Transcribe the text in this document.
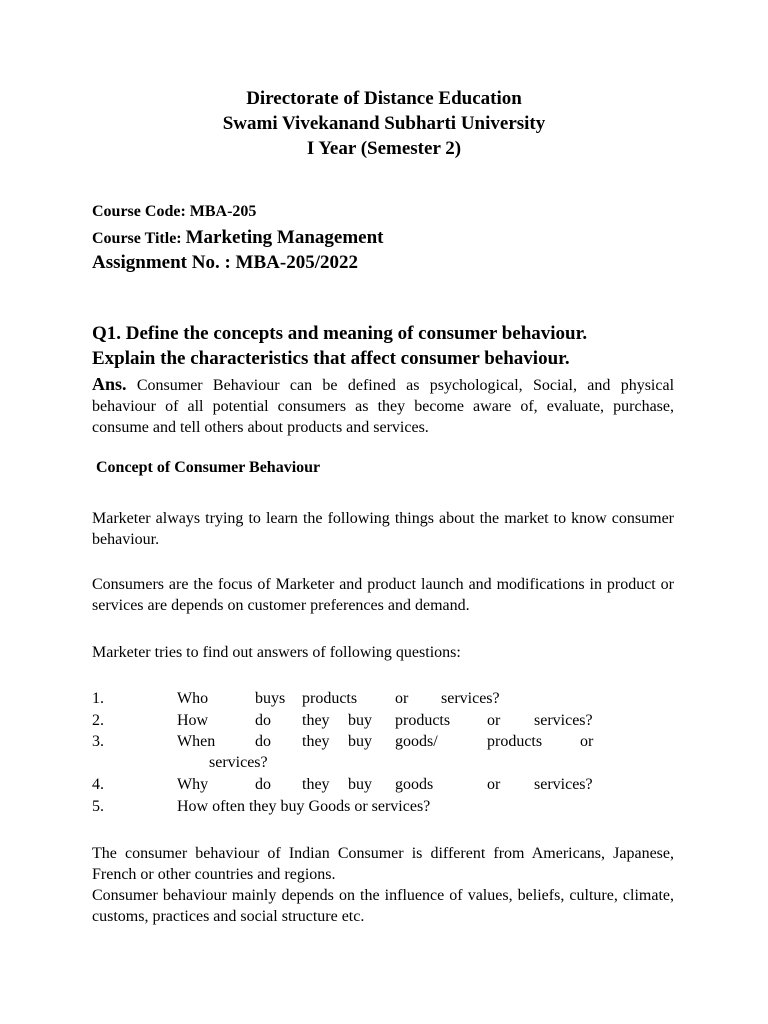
Directorate of Distance Education
Swami Vivekanand Subharti University
I Year (Semester 2)
Course Code: MBA-205
Course Title: Marketing Management
Assignment No. : MBA-205/2022
Q1. Define the concepts and meaning of consumer behaviour.
Explain the characteristics that affect consumer behaviour.
Ans. Consumer Behaviour can be defined as psychological, Social, and physical behaviour of all potential consumers as they become aware of, evaluate, purchase, consume and tell others about products and services.
Concept of Consumer Behaviour
Marketer always trying to learn the following things about the market to know consumer behaviour.
Consumers are the focus of Marketer and product launch and modifications in product or services are depends on customer preferences and demand.
Marketer tries to find out answers of following questions:
1.	Who	buys products or services?
2.	How	do they buy products or services?
3.	When do they buy goods/	products or
services?
4.	Why	do they buy goods	or services?
5.	How often they buy Goods or services?
The consumer behaviour of Indian Consumer is different from Americans, Japanese, French or other countries and regions.
Consumer behaviour mainly depends on the influence of values, beliefs, culture, climate, customs, practices and social structure etc.
